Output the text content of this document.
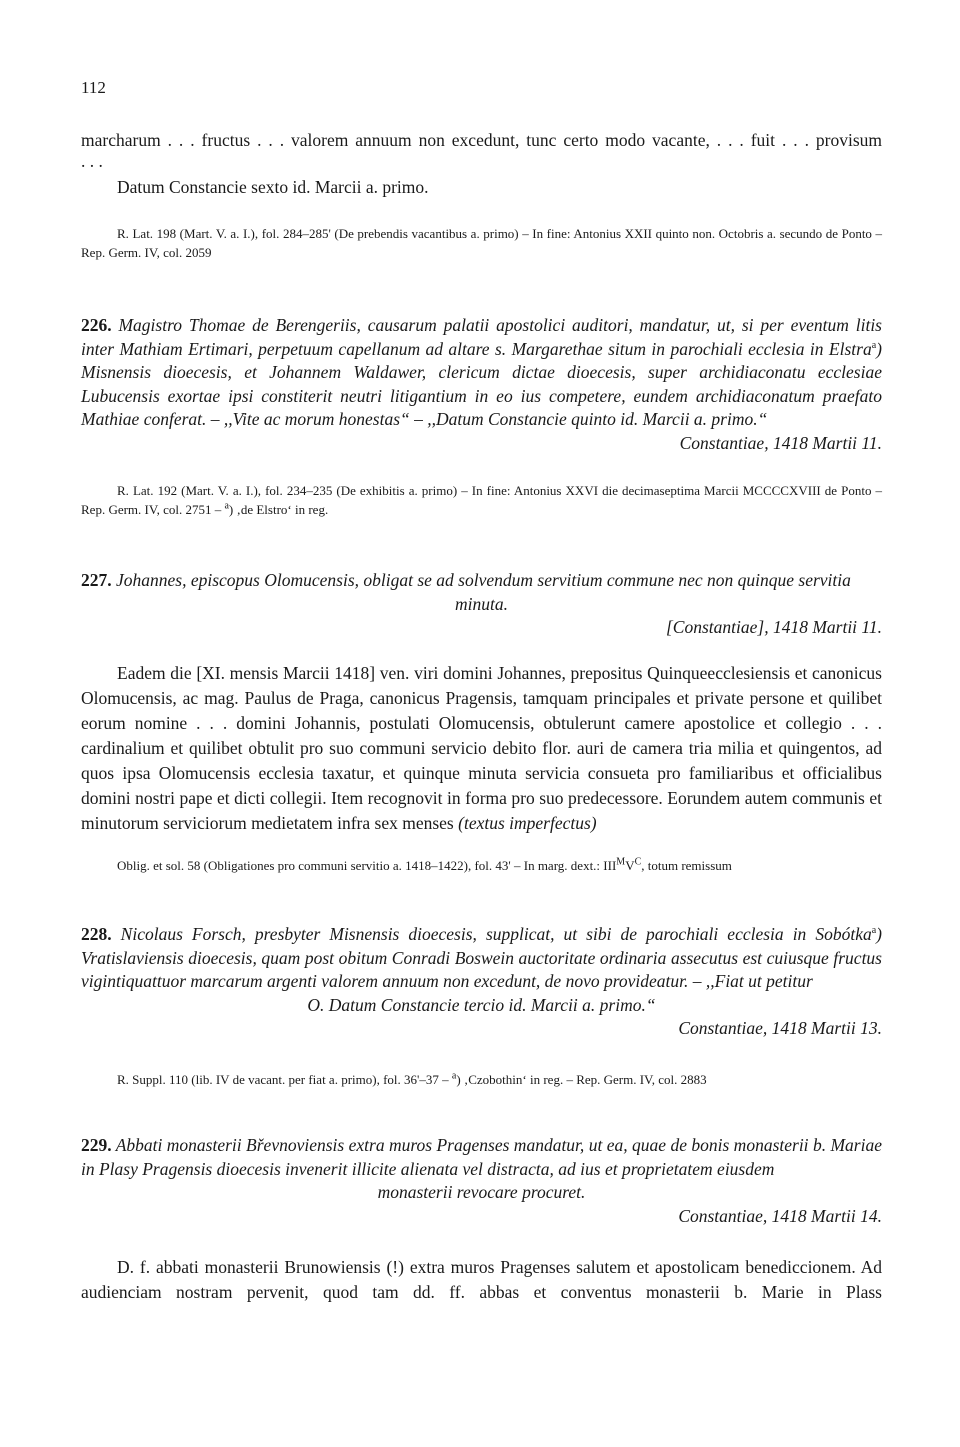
112
marcharum . . . fructus . . . valorem annuum non excedunt, tunc certo modo vacante, . . . fuit . . . provisum
. . .
Datum Constancie sexto id. Marcii a. primo.
R. Lat. 198 (Mart. V. a. I.), fol. 284–285' (De prebendis vacantibus a. primo) – In fine: Antonius XXII quinto non. Octobris a. secundo de Ponto – Rep. Germ. IV, col. 2059
226. Magistro Thomae de Berengeriis, causarum palatii apostolici auditori, mandatur, ut, si per eventum litis inter Mathiam Ertimari, perpetuum capellanum ad altare s. Margarethae situm in parochiali ecclesia in Elstra$^a$) Misnensis dioecesis, et Johannem Waldawer, clericum dictae dioecesis, super archidiaconatu ecclesiae Lubucensis exortae ipsi constiterit neutri litigantium in eo ius competere, eundem archidiaconatum praefato Mathiae conferat. – ,,Vite ac morum honestas“ – ,,Datum Constancie quinto id. Marcii a. primo.“
Constantiae, 1418 Martii 11.
R. Lat. 192 (Mart. V. a. I.), fol. 234–235 (De exhibitis a. primo) – In fine: Antonius XXVI die decimaseptima Marcii MCCCCXVIII de Ponto – Rep. Germ. IV, col. 2751 – $^a$) ‚de Elstro‘ in reg.
227. Johannes, episcopus Olomucensis, obligat se ad solvendum servitium commune nec non quinque servitia
minuta.
[Constantiae], 1418 Martii 11.
Eadem die [XI. mensis Marcii 1418] ven. viri domini Johannes, prepositus Quinqueecclesiensis et canonicus Olomucensis, ac mag. Paulus de Praga, canonicus Pragensis, tamquam principales et private persone et quilibet eorum nomine . . . domini Johannis, postulati Olomucensis, obtulerunt camere apostolice et collegio . . . cardinalium et quilibet obtulit pro suo communi servicio debito flor. auri de camera tria milia et quingentos, ad quos ipsa Olomucensis ecclesia taxatur, et quinque minuta servicia consueta pro familiaribus et officialibus domini nostri pape et dicti collegii. Item recognovit in forma pro suo predecessore. Eorundem autem communis et minutorum serviciorum medietatem infra sex menses (textus imperfectus)
Oblig. et sol. 58 (Obligationes pro communi servitio a. 1418–1422), fol. 43' – In marg. dext.: $III^MV^C$, totum remissum
228. Nicolaus Forsch, presbyter Misnensis dioecesis, supplicat, ut sibi de parochiali ecclesia in Sobótka$^a$) Vratislaviensis dioecesis, quam post obitum Conradi Boswein auctoritate ordinaria assecutus est cuiusque fructus vigintiquattuor marcarum argenti valorem annuum non excedunt, de novo provideatur. – ,,Fiat ut petitur
O. Datum Constancie tercio id. Marcii a. primo.“
Constantiae, 1418 Martii 13.
R. Suppl. 110 (lib. IV de vacant. per fiat a. primo), fol. 36'–37 – $^a$) ‚Czobothin‘ in reg. – Rep. Germ. IV, col. 2883
229. Abbati monasterii Břevnoviensis extra muros Pragenses mandatur, ut ea, quae de bonis monasterii b. Mariae in Plasy Pragensis dioecesis invenerit illicite alienata vel distracta, ad ius et proprietatem eiusdem
monasterii revocare procuret.
Constantiae, 1418 Martii 14.
D. f. abbati monasterii Brunowiensis (!) extra muros Pragenses salutem et apostolicam benediccionem. Ad audienciam nostram pervenit, quod tam dd. ff. abbas et conventus monasterii b. Marie in Plass
